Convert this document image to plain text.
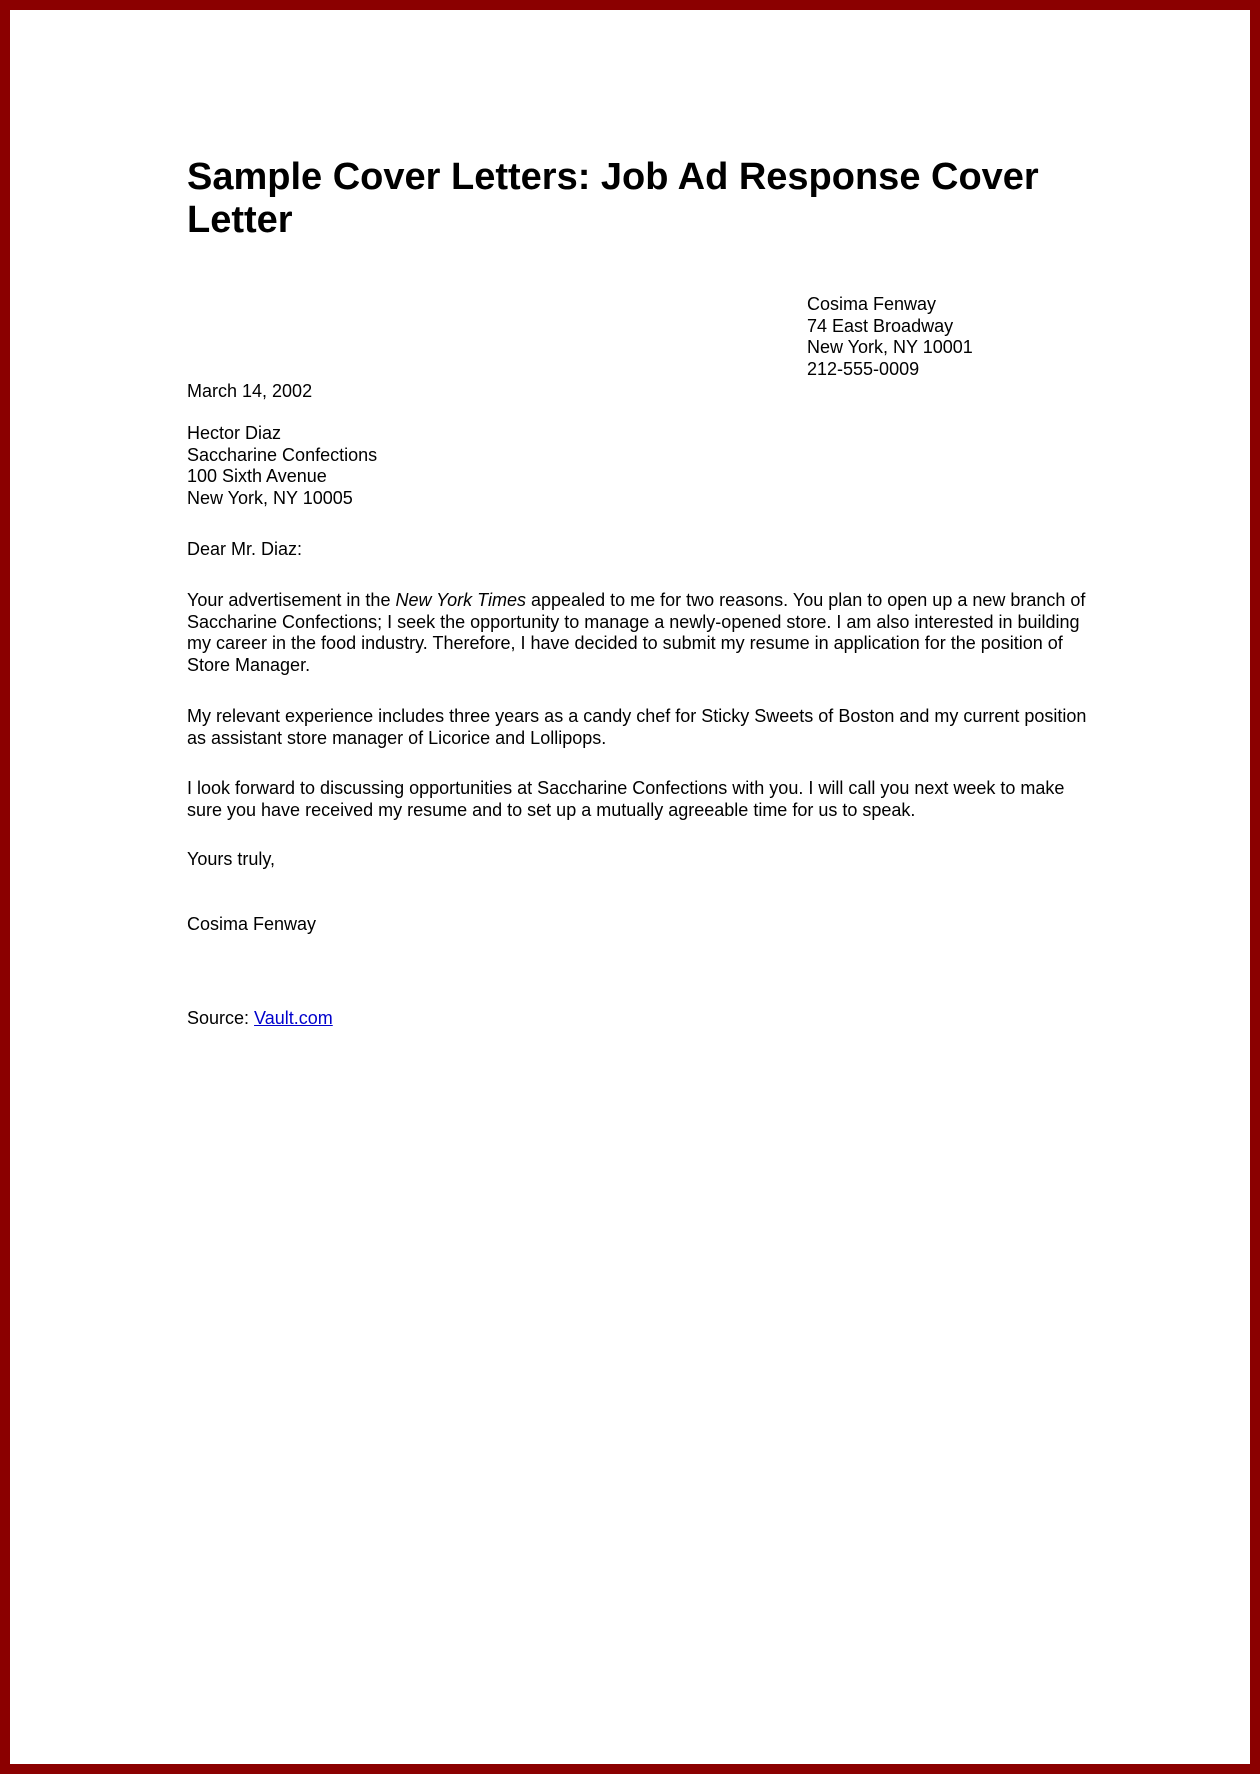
Sample Cover Letters: Job Ad Response Cover Letter
Cosima Fenway
74 East Broadway
New York, NY 10001
212-555-0009
March 14, 2002
Hector Diaz
Saccharine Confections
100 Sixth Avenue
New York, NY 10005
Dear Mr. Diaz:

Your advertisement in the New York Times appealed to me for two reasons. You plan to open up a new branch of Saccharine Confections; I seek the opportunity to manage a newly-opened store. I am also interested in building my career in the food industry. Therefore, I have decided to submit my resume in application for the position of Store Manager.

My relevant experience includes three years as a candy chef for Sticky Sweets of Boston and my current position as assistant store manager of Licorice and Lollipops.

I look forward to discussing opportunities at Saccharine Confections with you. I will call you next week to make sure you have received my resume and to set up a mutually agreeable time for us to speak.

Yours truly,
Cosima Fenway
Source: Vault.com
